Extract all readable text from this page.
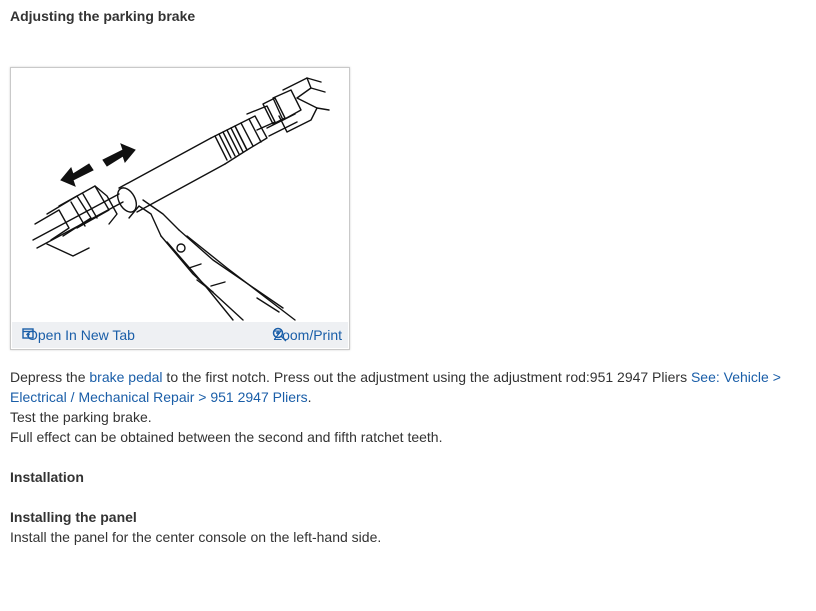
Adjusting the parking brake
Open In New Tab	Zoom/Print

Depress the brake pedal to the first notch. Press out the adjustment using the adjustment rod:951 2947 Pliers See: Vehicle > Electrical / Mechanical Repair > 951 2947 Pliers.

Test the parking brake.

Full effect can be obtained between the second and fifth ratchet teeth.

Installation

Installing the panel

Install the panel for the center console on the left-hand side.
